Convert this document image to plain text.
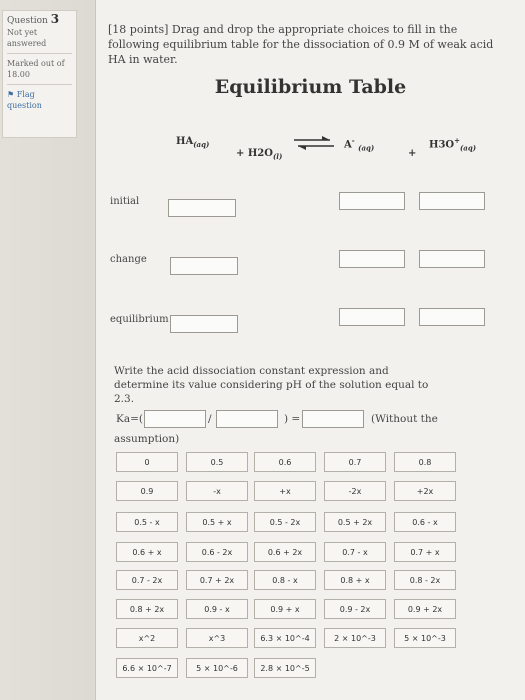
Question 3
Not yet
answered
Marked out of
18.00
⚑ Flag
question
[18 points] Drag and drop the appropriate choices to fill in the following equilibrium table for the dissociation of 0.9 M of weak acid HA in water.
Equilibrium Table
$HA_{(aq)}$
+ $H2O_{(l)}$
⇌ A- $_{(aq)}$
+
$H3O^+_{(aq)}$
initial
change
equilibrium
Write the acid dissociation constant expression and determine its value considering pH of the solution equal to 2.3.
Ka=(	/	) =	(Without the
assumption)
0	0.5	0.6	0.7	0.8
0.9	-x	+x	-2x	+2x
0.5 - x	0.5 + x	0.5 - 2x	0.5 + 2x	0.6 - x
0.6 + x	0.6 - 2x	0.6 + 2x	0.7 - x	0.7 + x
0.7 - 2x	0.7 + 2x	0.8 - x	0.8 + x	0.8 - 2x
0.8 + 2x	0.9 - x	0.9 + x	0.9 - 2x	0.9 + 2x
x^2	x^3	6.3 × 10^-4	2 × 10^-3	5 × 10^-3
6.6 × 10^-7	5 × 10^-6	2.8 × 10^-5
